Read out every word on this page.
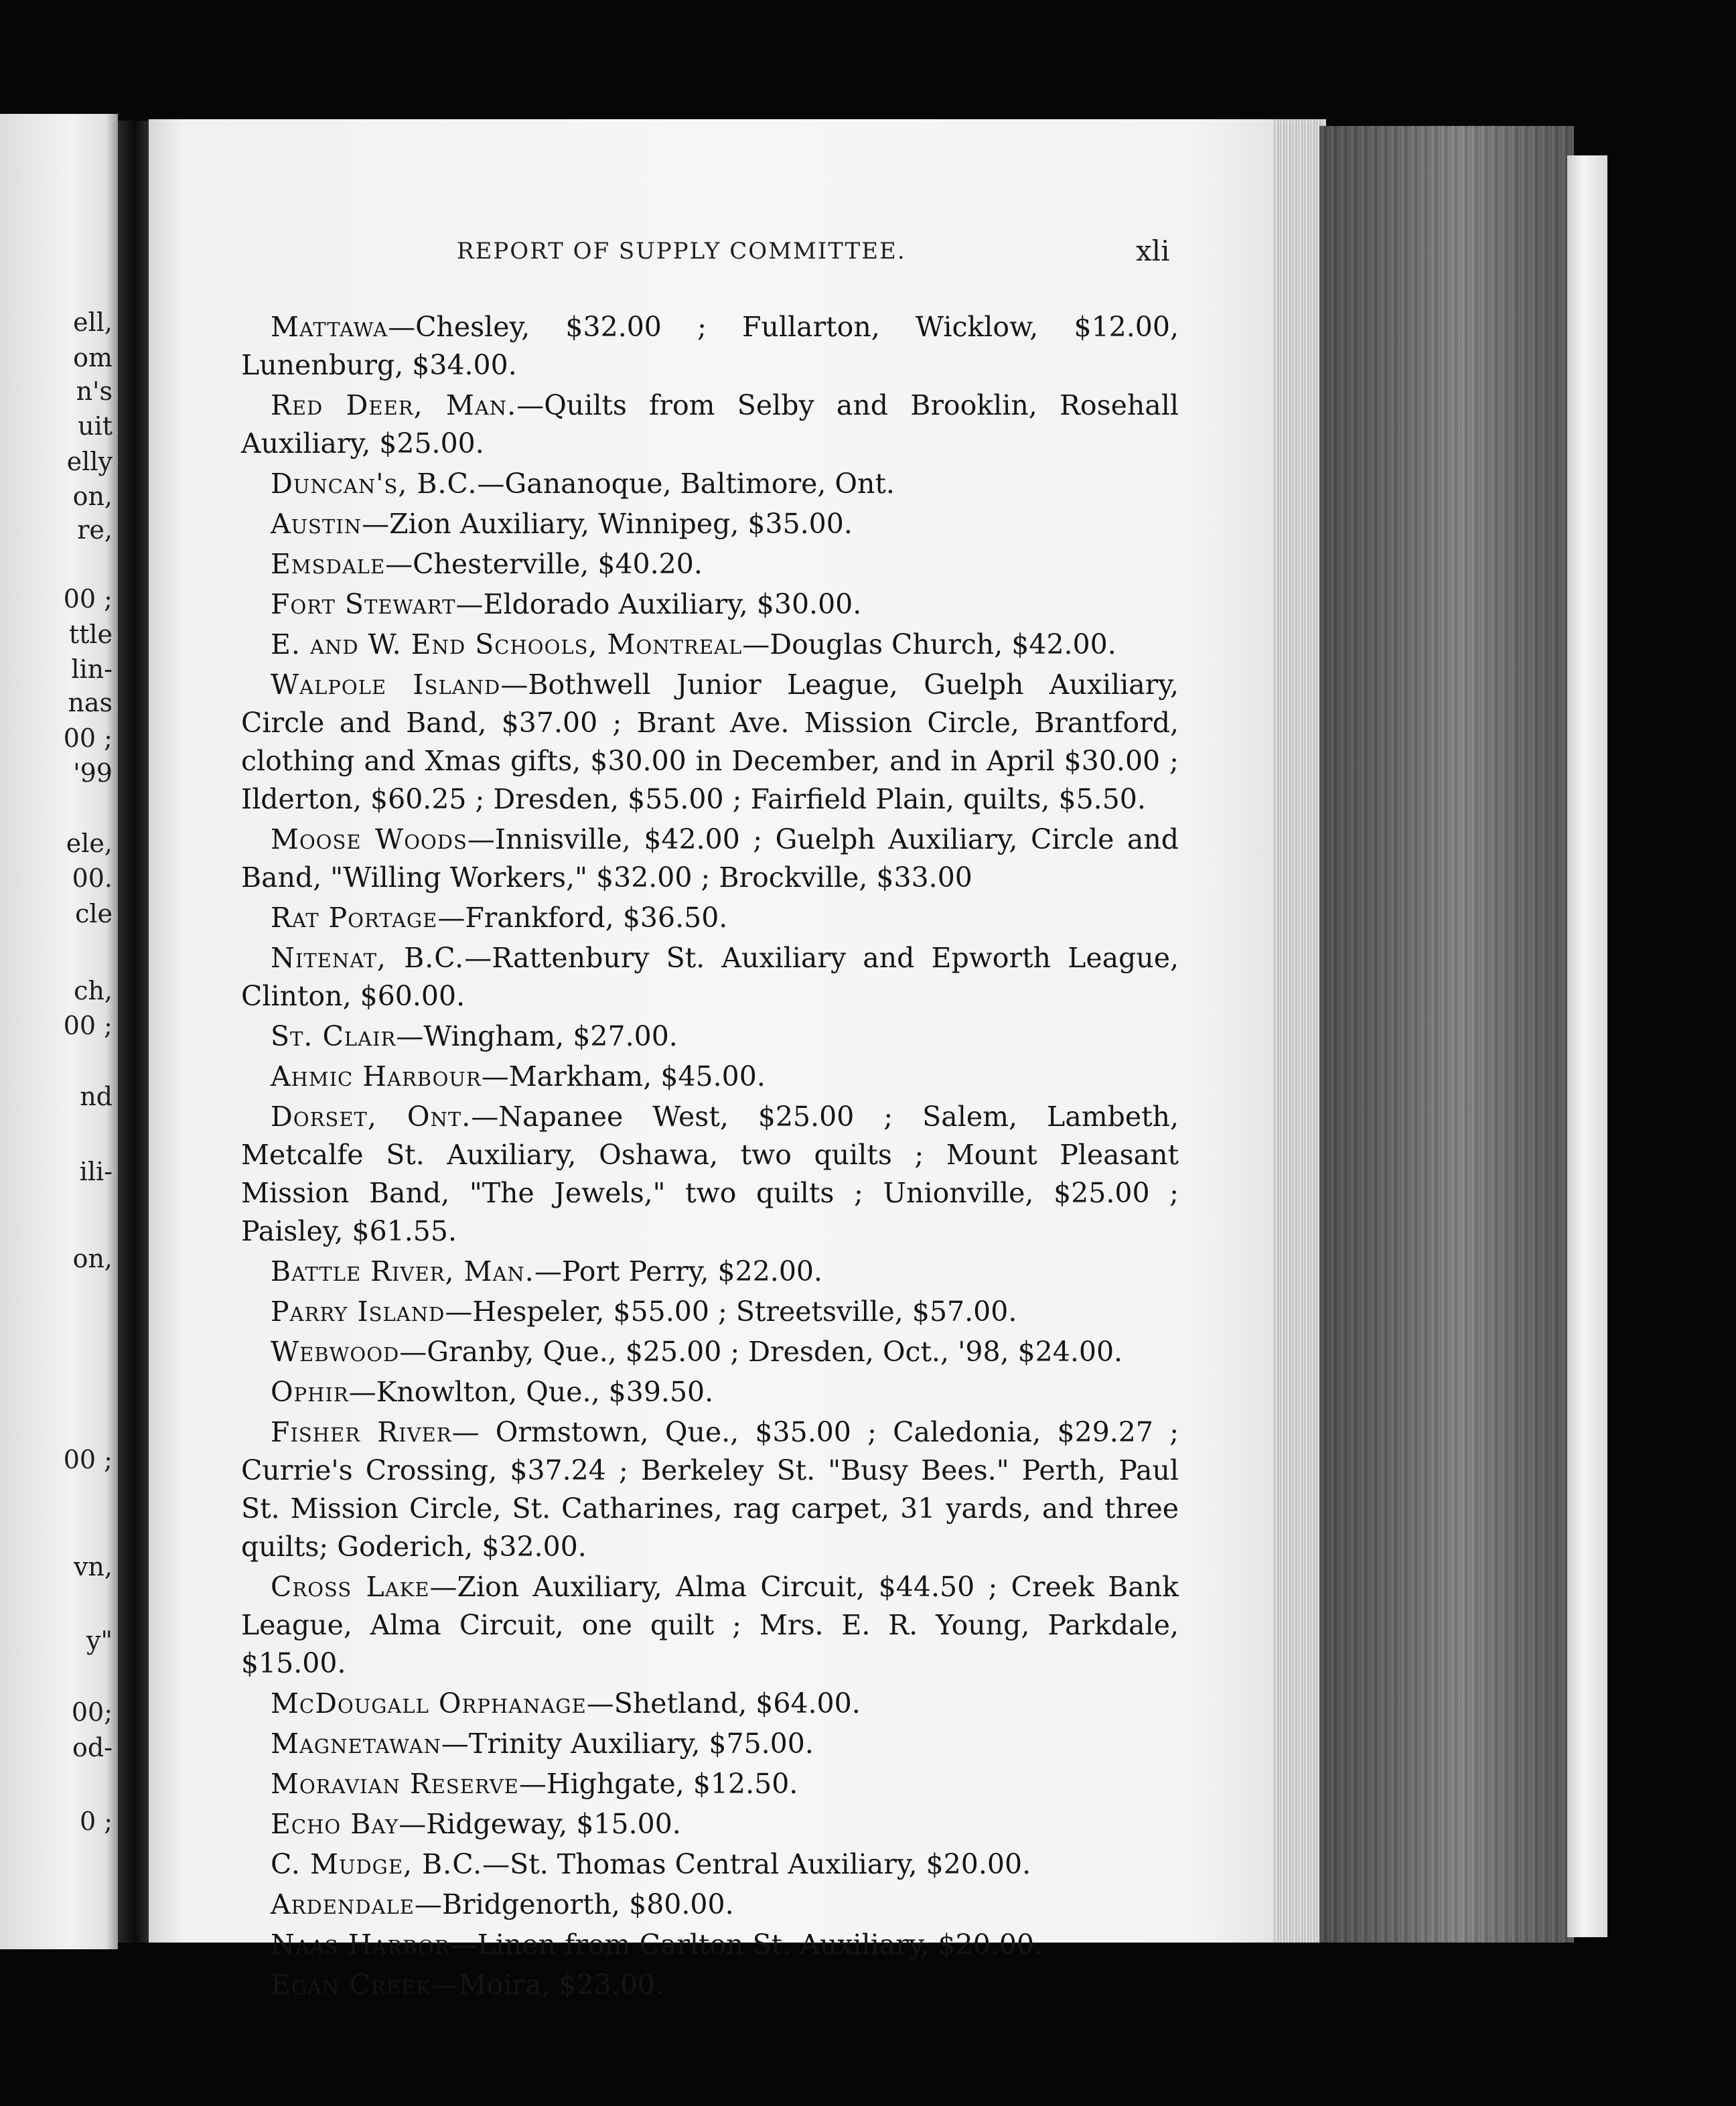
ell,
om
n's
uit
elly
on,
re,
00 ;
ttle
lin-
nas
00 ;
'99
ele,
00.
cle
ch,
00 ;
nd
ili-
on,
00 ;
vn,
y"
00;
od-
0 ;
REPORT OF SUPPLY COMMITTEE.	xli

Mattawa—Chesley, $32.00 ; Fullarton, Wicklow, $12.00, Lunenburg, $34.00.

Red Deer, Man.—Quilts from Selby and Brooklin, Rosehall Auxiliary, $25.00.

Duncan's, B.C.—Gananoque, Baltimore, Ont.

Austin—Zion Auxiliary, Winnipeg, $35.00.

Emsdale—Chesterville, $40.20.

Fort Stewart—Eldorado Auxiliary, $30.00.

E. and W. End Schools, Montreal—Douglas Church, $42.00.

Walpole Island—Bothwell Junior League, Guelph Auxiliary, Circle and Band, $37.00 ; Brant Ave. Mission Circle, Brantford, clothing and Xmas gifts, $30.00 in December, and in April $30.00 ; Ilderton, $60.25 ; Dresden, $55.00 ; Fairfield Plain, quilts, $5.50.

Moose Woods—Innisville, $42.00 ; Guelph Auxiliary, Circle and Band, "Willing Workers," $32.00 ; Brockville, $33.00

Rat Portage—Frankford, $36.50.

Nitenat, B.C.—Rattenbury St. Auxiliary and Epworth League, Clinton, $60.00.

St. Clair—Wingham, $27.00.

Ahmic Harbour—Markham, $45.00.

Dorset, Ont.—Napanee West, $25.00 ; Salem, Lambeth, Metcalfe St. Auxiliary, Oshawa, two quilts ; Mount Pleasant Mission Band, "The Jewels," two quilts ; Unionville, $25.00 ; Paisley, $61.55.

Battle River, Man.—Port Perry, $22.00.

Parry Island—Hespeler, $55.00 ; Streetsville, $57.00.

Webwood—Granby, Que., $25.00 ; Dresden, Oct., '98, $24.00.

Ophir—Knowlton, Que., $39.50.

Fisher River— Ormstown, Que., $35.00 ; Caledonia, $29.27 ; Currie's Crossing, $37.24 ; Berkeley St. "Busy Bees." Perth, Paul St. Mission Circle, St. Catharines, rag carpet, 31 yards, and three quilts; Goderich, $32.00.

Cross Lake—Zion Auxiliary, Alma Circuit, $44.50 ; Creek Bank League, Alma Circuit, one quilt ; Mrs. E. R. Young, Parkdale, $15.00.

McDougall Orphanage—Shetland, $64.00.

Magnetawan—Trinity Auxiliary, $75.00.

Moravian Reserve—Highgate, $12.50.

Echo Bay—Ridgeway, $15.00.

C. Mudge, B.C.—St. Thomas Central Auxiliary, $20.00.

Ardendale—Bridgenorth, $80.00.

Naas Harbor—Linen from Carlton St. Auxiliary, $20.00.

Egan Creek—Moira, $23.00.
